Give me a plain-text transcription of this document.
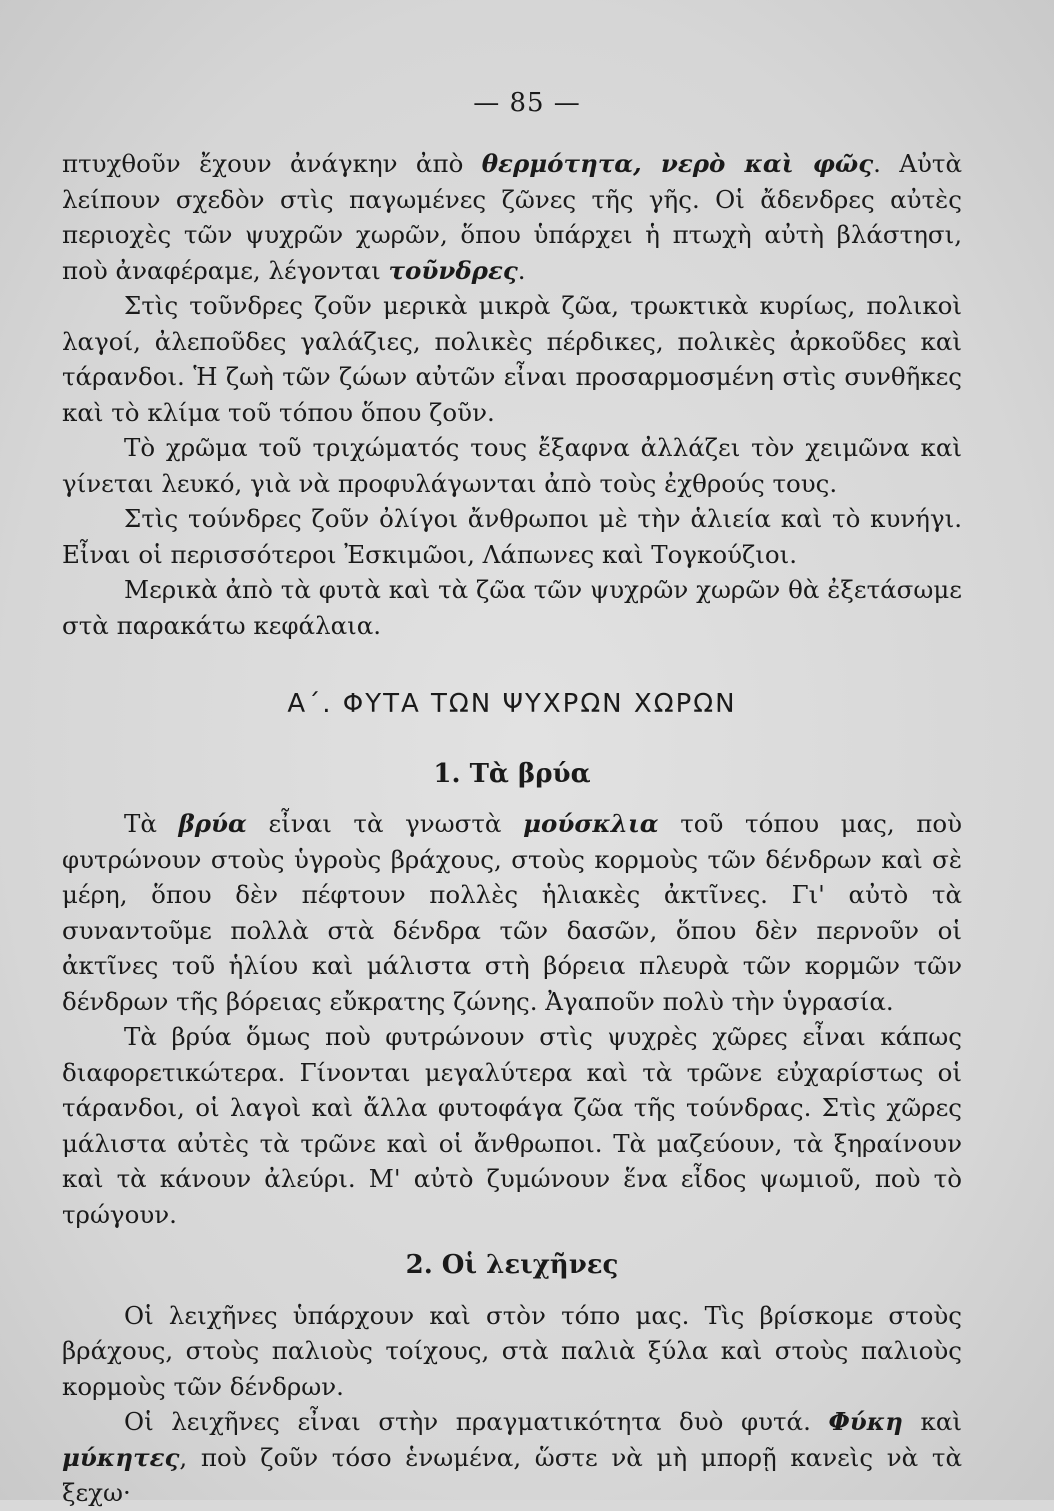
— 85 —

πτυχθοῦν ἔχουν ἀνάγκην ἀπὸ θερμότητα, νερὸ καὶ φῶς. Αὐτὰ λείπουν σχεδὸν στὶς παγωμένες ζῶνες τῆς γῆς. Οἱ ἄδενδρες αὐτὲς περιοχὲς τῶν ψυχρῶν χωρῶν, ὅπου ὑπάρχει ἡ πτωχὴ αὐτὴ βλάστησι, ποὺ ἀναφέραμε, λέγονται τοῦνδρες.

Στὶς τοῦνδρες ζοῦν μερικὰ μικρὰ ζῶα, τρωκτικὰ κυρίως, πολικοὶ λαγοί, ἀλεποῦδες γαλάζιες, πολικὲς πέρδικες, πολικὲς ἀρκοῦδες καὶ τάρανδοι. Ἡ ζωὴ τῶν ζώων αὐτῶν εἶναι προσαρμοσμένη στὶς συνθῆκες καὶ τὸ κλίμα τοῦ τόπου ὅπου ζοῦν.

Τὸ χρῶμα τοῦ τριχώματός τους ἔξαφνα ἀλλάζει τὸν χειμῶνα καὶ γίνεται λευκό, γιὰ νὰ προφυλάγωνται ἀπὸ τοὺς ἐχθρούς τους.

Στὶς τούνδρες ζοῦν ὀλίγοι ἄνθρωποι μὲ τὴν ἁλιεία καὶ τὸ κυνήγι. Εἶναι οἱ περισσότεροι Ἐσκιμῶοι, Λάπωνες καὶ Τογκούζιοι.

Μερικὰ ἀπὸ τὰ φυτὰ καὶ τὰ ζῶα τῶν ψυχρῶν χωρῶν θὰ ἐξετάσωμε στὰ παρακάτω κεφάλαια.

Α΄. ΦΥΤΑ ΤΩΝ ΨΥΧΡΩΝ ΧΩΡΩΝ
1. Τὰ βρύα

Τὰ βρύα εἶναι τὰ γνωστὰ μούσκλια τοῦ τόπου μας, ποὺ φυτρώνουν στοὺς ὑγροὺς βράχους, στοὺς κορμοὺς τῶν δένδρων καὶ σὲ μέρη, ὅπου δὲν πέφτουν πολλὲς ἡλιακὲς ἀκτῖνες. Γι' αὐτὸ τὰ συναντοῦμε πολλὰ στὰ δένδρα τῶν δασῶν, ὅπου δὲν περνοῦν οἱ ἀκτῖνες τοῦ ἡλίου καὶ μάλιστα στὴ βόρεια πλευρὰ τῶν κορμῶν τῶν δένδρων τῆς βόρειας εὔκρατης ζώνης. Ἀγαποῦν πολὺ τὴν ὑγρασία.

Τὰ βρύα ὅμως ποὺ φυτρώνουν στὶς ψυχρὲς χῶρες εἶναι κάπως διαφορετικώτερα. Γίνονται μεγαλύτερα καὶ τὰ τρῶνε εὐχαρίστως οἱ τάρανδοι, οἱ λαγοὶ καὶ ἄλλα φυτοφάγα ζῶα τῆς τούνδρας. Στὶς χῶρες μάλιστα αὐτὲς τὰ τρῶνε καὶ οἱ ἄνθρωποι. Τὰ μαζεύουν, τὰ ξηραίνουν καὶ τὰ κάνουν ἀλεύρι. Μ' αὐτὸ ζυμώνουν ἕνα εἶδος ψωμιοῦ, ποὺ τὸ τρώγουν.

2. Οἱ λειχῆνες

Οἱ λειχῆνες ὑπάρχουν καὶ στὸν τόπο μας. Τὶς βρίσκομε στοὺς βράχους, στοὺς παλιοὺς τοίχους, στὰ παλιὰ ξύλα καὶ στοὺς παλιοὺς κορμοὺς τῶν δένδρων.

Οἱ λειχῆνες εἶναι στὴν πραγματικότητα δυὸ φυτά. Φύκη καὶ μύκητες, ποὺ ζοῦν τόσο ἑνωμένα, ὥστε νὰ μὴ μπορῇ κανεὶς νὰ τὰ ξεχω·
